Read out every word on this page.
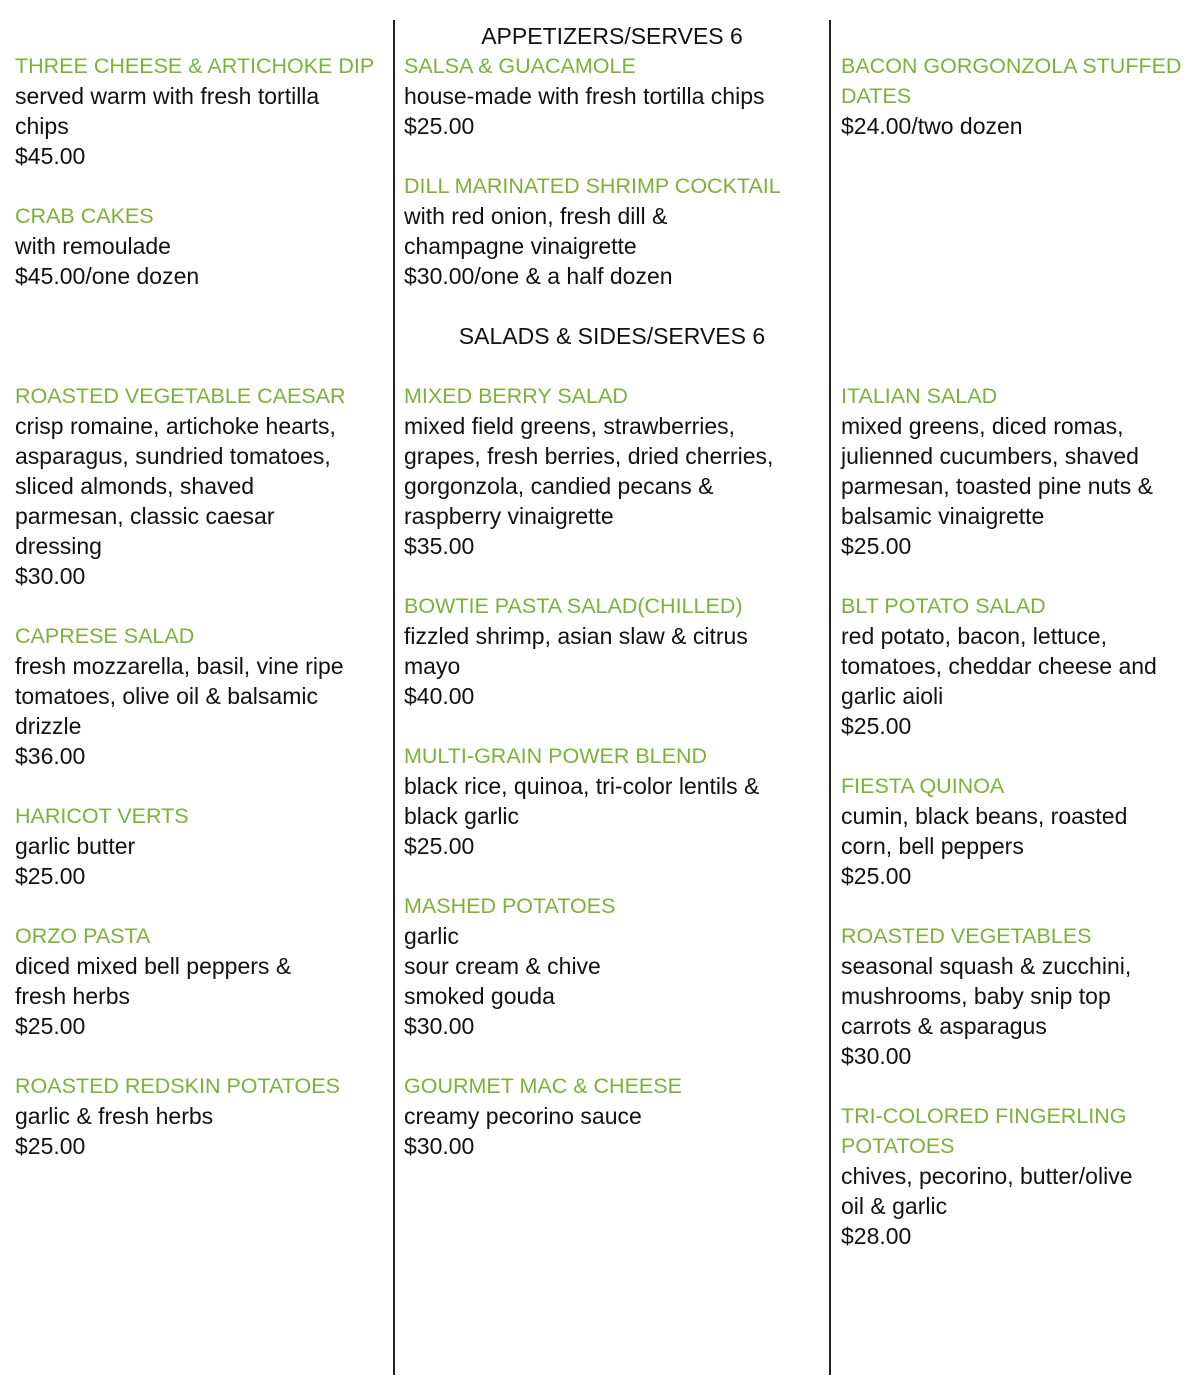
APPETIZERS/SERVES 6
SALADS & SIDES/SERVES 6
THREE CHEESE & ARTICHOKE DIP
served warm with fresh tortilla
chips
$45.00
CRAB CAKES
with remoulade
$45.00/one dozen
SALSA & GUACAMOLE
house-made with fresh tortilla chips
$25.00
DILL MARINATED SHRIMP COCKTAIL
with red onion, fresh dill &
champagne vinaigrette
$30.00/one & a half dozen
BACON GORGONZOLA STUFFED
DATES
$24.00/two dozen
ROASTED VEGETABLE CAESAR
crisp romaine, artichoke hearts,
asparagus, sundried tomatoes,
sliced almonds, shaved
parmesan, classic caesar
dressing
$30.00
CAPRESE SALAD
fresh mozzarella, basil, vine ripe
tomatoes, olive oil & balsamic
drizzle
$36.00
HARICOT VERTS
garlic butter
$25.00
ORZO PASTA
diced mixed bell peppers &
fresh herbs
$25.00
ROASTED REDSKIN POTATOES
garlic & fresh herbs
$25.00
MIXED BERRY SALAD
mixed field greens, strawberries,
grapes, fresh berries, dried cherries,
gorgonzola, candied pecans &
raspberry vinaigrette
$35.00
BOWTIE PASTA SALAD(CHILLED)
fizzled shrimp, asian slaw & citrus
mayo
$40.00
MULTI-GRAIN POWER BLEND
black rice, quinoa, tri-color lentils &
black garlic
$25.00
MASHED POTATOES
garlic
sour cream & chive
smoked gouda
$30.00
GOURMET MAC & CHEESE
creamy pecorino sauce
$30.00
ITALIAN SALAD
mixed greens, diced romas,
julienned cucumbers, shaved
parmesan, toasted pine nuts &
balsamic vinaigrette
$25.00
BLT POTATO SALAD
red potato, bacon, lettuce,
tomatoes, cheddar cheese and
garlic aioli
$25.00
FIESTA QUINOA
cumin, black beans, roasted
corn, bell peppers
$25.00
ROASTED VEGETABLES
seasonal squash & zucchini,
mushrooms, baby snip top
carrots & asparagus
$30.00
TRI-COLORED FINGERLING
POTATOES
chives, pecorino, butter/olive
oil & garlic
$28.00
